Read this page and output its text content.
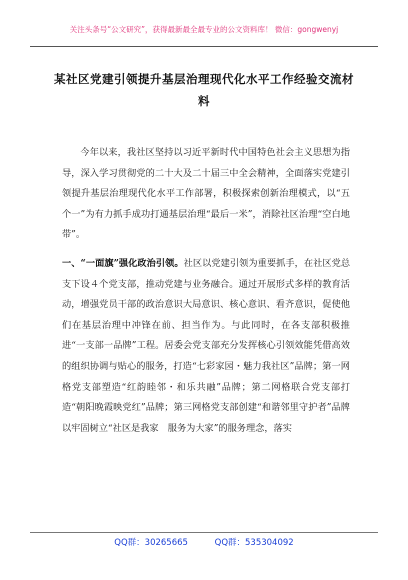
关注头条号“公文研究”，获得最新最全最专业的公文资料库！ 微信：gongwenyj
某社区党建引领提升基层治理现代化水平工作经验交流材料

今年以来，我社区坚持以习近平新时代中国特色社会主义思想为指导，深入学习贯彻党的二十大及二十届三中全会精神，全面落实党建引领提升基层治理现代化水平工作部署，积极探索创新治理模式，以“五个一”为有力抓手成功打通基层治理“最后一米”，消除社区治理“空白地带”。

一、“一面旗”强化政治引领。社区以党建引领为重要抓手，在社区党总支下设４个党支部，推动党建与业务融合。通过开展形式多样的教育活动，增强党员干部的政治意识大局意识、核心意识、看齐意识，促使他们在基层治理中冲锋在前、担当作为。与此同时，在各支部积极推进“一支部一品牌”工程。居委会党支部充分发挥核心引领效能凭借高效的组织协调与贴心的服务，打造“七彩家园・魅力我社区”品牌；第一网格党支部塑造“红韵睦邻・和乐共融”品牌；第二网格联合党支部打造“朝阳晚霞映党红”品牌；第三网格党支部创建“和谐邻里守护者”品牌以牢固树立“社区是我家　服务为大家”的服务理念，落实

QQ群：30265665	QQ群：535304092
